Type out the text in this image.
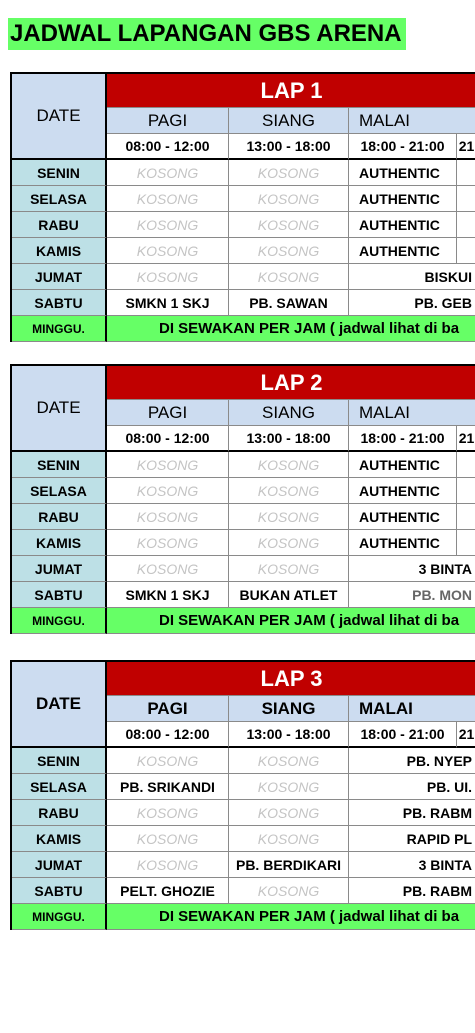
JADWAL LAPANGAN GBS ARENA
DATE
LAP 1
PAGI	SIANG	MALAI
08:00 - 12:00	13:00 - 18:00	18:00 - 21:00	21
SENIN	KOSONG	KOSONG	AUTHENTIC
SELASA	KOSONG	KOSONG	AUTHENTIC
RABU	KOSONG	KOSONG	AUTHENTIC
KAMIS	KOSONG	KOSONG	AUTHENTIC
JUMAT	KOSONG	KOSONG	BISKUI
SABTU	SMKN 1 SKJ	PB. SAWAN	PB. GEB
MINGGU.	DI SEWAKAN PER JAM ( jadwal lihat di ba
DATE
LAP 2
PAGI	SIANG	MALAI
08:00 - 12:00	13:00 - 18:00	18:00 - 21:00	21
SENIN	KOSONG	KOSONG	AUTHENTIC
SELASA	KOSONG	KOSONG	AUTHENTIC
RABU	KOSONG	KOSONG	AUTHENTIC
KAMIS	KOSONG	KOSONG	AUTHENTIC
JUMAT	KOSONG	KOSONG	3 BINTA
SABTU	SMKN 1 SKJ	BUKAN ATLET	PB. MON
MINGGU.	DI SEWAKAN PER JAM ( jadwal lihat di ba
DATE
LAP 3
PAGI	SIANG	MALAI
08:00 - 12:00	13:00 - 18:00	18:00 - 21:00	21
SENIN	KOSONG	KOSONG	PB. NYEP
SELASA	PB. SRIKANDI	KOSONG	PB. UI.
RABU	KOSONG	KOSONG	PB. RABM
KAMIS	KOSONG	KOSONG	RAPID PL
JUMAT	KOSONG	PB. BERDIKARI	3 BINTA
SABTU	PELT. GHOZIE	KOSONG	PB. RABM
MINGGU.	DI SEWAKAN PER JAM ( jadwal lihat di ba
